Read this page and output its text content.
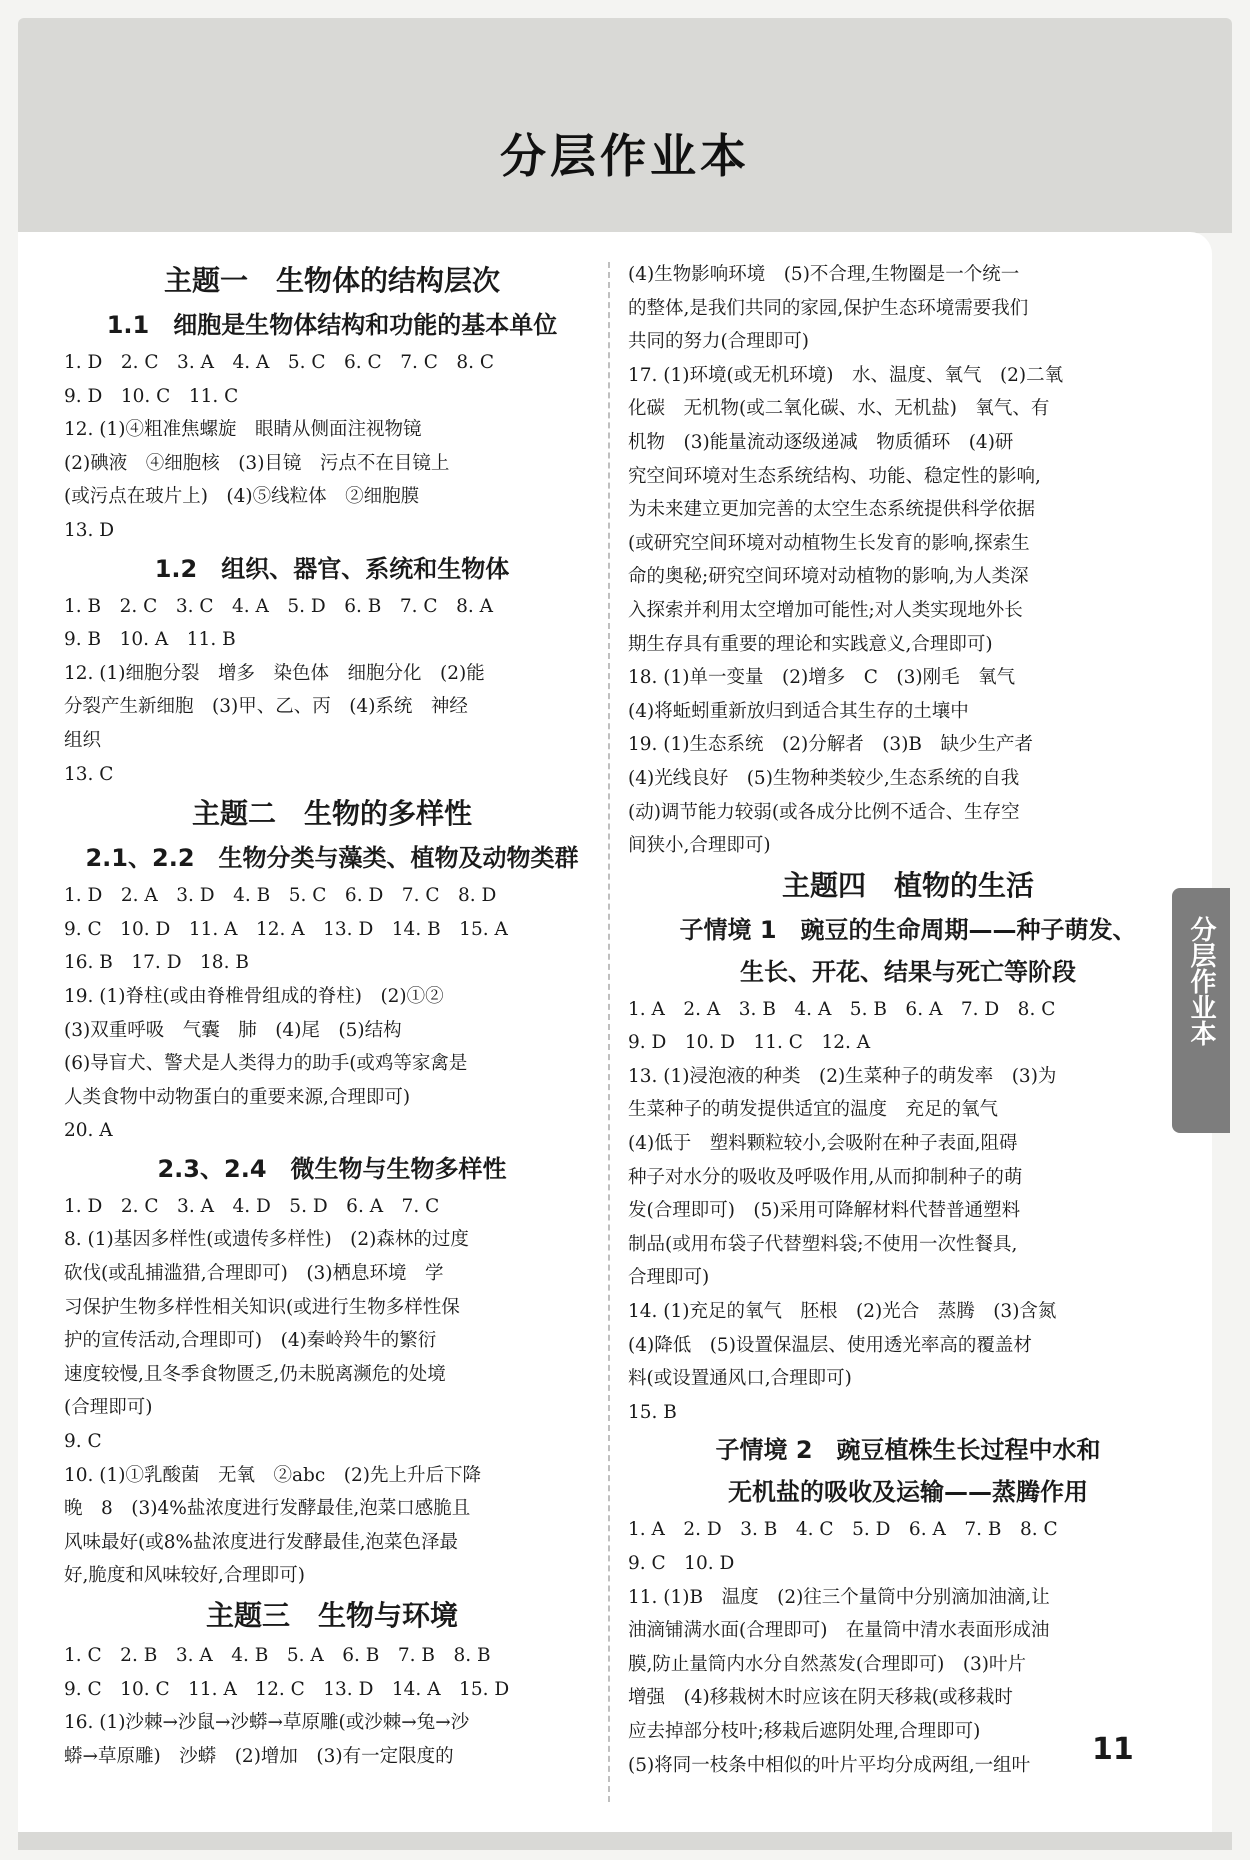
分层作业本
主题一　生物体的结构层次
1.1　细胞是生物体结构和功能的基本单位
1. D　2. C　3. A　4. A　5. C　6. C　7. C　8. C
9. D　10. C　11. C
12. (1)④粗准焦螺旋　眼睛从侧面注视物镜
(2)碘液　④细胞核　(3)目镜　污点不在目镜上
(或污点在玻片上)　(4)⑤线粒体　②细胞膜
13. D
1.2　组织、器官、系统和生物体
1. B　2. C　3. C　4. A　5. D　6. B　7. C　8. A
9. B　10. A　11. B
12. (1)细胞分裂　增多　染色体　细胞分化　(2)能
分裂产生新细胞　(3)甲、乙、丙　(4)系统　神经
组织
13. C
主题二　生物的多样性
2.1、2.2　生物分类与藻类、植物及动物类群
1. D　2. A　3. D　4. B　5. C　6. D　7. C　8. D
9. C　10. D　11. A　12. A　13. D　14. B　15. A
16. B　17. D　18. B
19. (1)脊柱(或由脊椎骨组成的脊柱)　(2)①②
(3)双重呼吸　气囊　肺　(4)尾　(5)结构
(6)导盲犬、警犬是人类得力的助手(或鸡等家禽是
人类食物中动物蛋白的重要来源,合理即可)
20. A
2.3、2.4　微生物与生物多样性
1. D　2. C　3. A　4. D　5. D　6. A　7. C
8. (1)基因多样性(或遗传多样性)　(2)森林的过度
砍伐(或乱捕滥猎,合理即可)　(3)栖息环境　学
习保护生物多样性相关知识(或进行生物多样性保
护的宣传活动,合理即可)　(4)秦岭羚牛的繁衍
速度较慢,且冬季食物匮乏,仍未脱离濒危的处境
(合理即可)
9. C
10. (1)①乳酸菌　无氧　②abc　(2)先上升后下降
晚　8　(3)4%盐浓度进行发酵最佳,泡菜口感脆且
风味最好(或8%盐浓度进行发酵最佳,泡菜色泽最
好,脆度和风味较好,合理即可)
主题三　生物与环境
1. C　2. B　3. A　4. B　5. A　6. B　7. B　8. B
9. C　10. C　11. A　12. C　13. D　14. A　15. D
16. (1)沙棘→沙鼠→沙蟒→草原雕(或沙棘→兔→沙
蟒→草原雕)　沙蟒　(2)增加　(3)有一定限度的
(4)生物影响环境　(5)不合理,生物圈是一个统一
的整体,是我们共同的家园,保护生态环境需要我们
共同的努力(合理即可)
17. (1)环境(或无机环境)　水、温度、氧气　(2)二氧
化碳　无机物(或二氧化碳、水、无机盐)　氧气、有
机物　(3)能量流动逐级递减　物质循环　(4)研
究空间环境对生态系统结构、功能、稳定性的影响,
为未来建立更加完善的太空生态系统提供科学依据
(或研究空间环境对动植物生长发育的影响,探索生
命的奥秘;研究空间环境对动植物的影响,为人类深
入探索并利用太空增加可能性;对人类实现地外长
期生存具有重要的理论和实践意义,合理即可)
18. (1)单一变量　(2)增多　C　(3)刚毛　氧气
(4)将蚯蚓重新放归到适合其生存的土壤中
19. (1)生态系统　(2)分解者　(3)B　缺少生产者
(4)光线良好　(5)生物种类较少,生态系统的自我
(动)调节能力较弱(或各成分比例不适合、生存空
间狭小,合理即可)
主题四　植物的生活
子情境 1　豌豆的生命周期——种子萌发、
生长、开花、结果与死亡等阶段
1. A　2. A　3. B　4. A　5. B　6. A　7. D　8. C
9. D　10. D　11. C　12. A
13. (1)浸泡液的种类　(2)生菜种子的萌发率　(3)为
生菜种子的萌发提供适宜的温度　充足的氧气
(4)低于　塑料颗粒较小,会吸附在种子表面,阻碍
种子对水分的吸收及呼吸作用,从而抑制种子的萌
发(合理即可)　(5)采用可降解材料代替普通塑料
制品(或用布袋子代替塑料袋;不使用一次性餐具,
合理即可)
14. (1)充足的氧气　胚根　(2)光合　蒸腾　(3)含氮
(4)降低　(5)设置保温层、使用透光率高的覆盖材
料(或设置通风口,合理即可)
15. B
子情境 2　豌豆植株生长过程中水和
无机盐的吸收及运输——蒸腾作用
1. A　2. D　3. B　4. C　5. D　6. A　7. B　8. C
9. C　10. D
11. (1)B　温度　(2)往三个量筒中分别滴加油滴,让
油滴铺满水面(合理即可)　在量筒中清水表面形成油
膜,防止量筒内水分自然蒸发(合理即可)　(3)叶片
增强　(4)移栽树木时应该在阴天移栽(或移栽时
应去掉部分枝叶;移栽后遮阴处理,合理即可)
(5)将同一枝条中相似的叶片平均分成两组,一组叶
分层作业本
11
